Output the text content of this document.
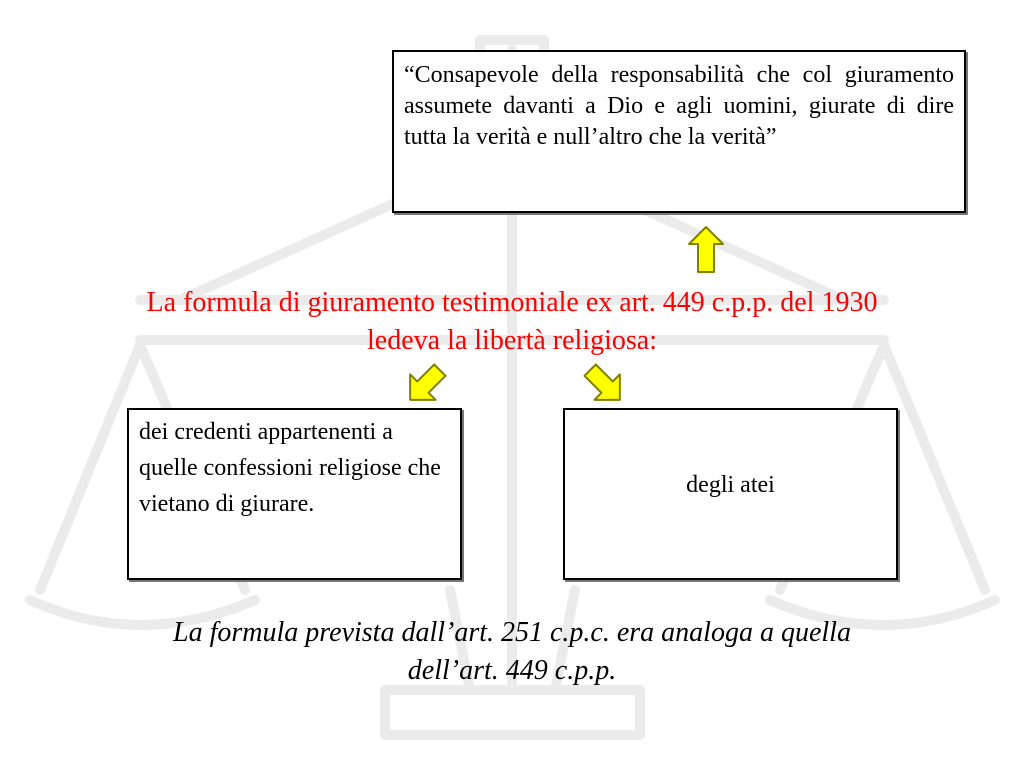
“Consapevole della responsabilità che col giuramento assumete davanti a Dio e agli uomini, giurate di dire tutta la verità e null’altro che la verità”
La formula di giuramento testimoniale ex art. 449 c.p.p. del 1930
ledeva la libertà religiosa:
dei credenti appartenenti a quelle confessioni religiose che vietano di giurare.
degli atei
La formula prevista dall’art. 251 c.p.c. era analoga a quella
dell’art. 449 c.p.p.
